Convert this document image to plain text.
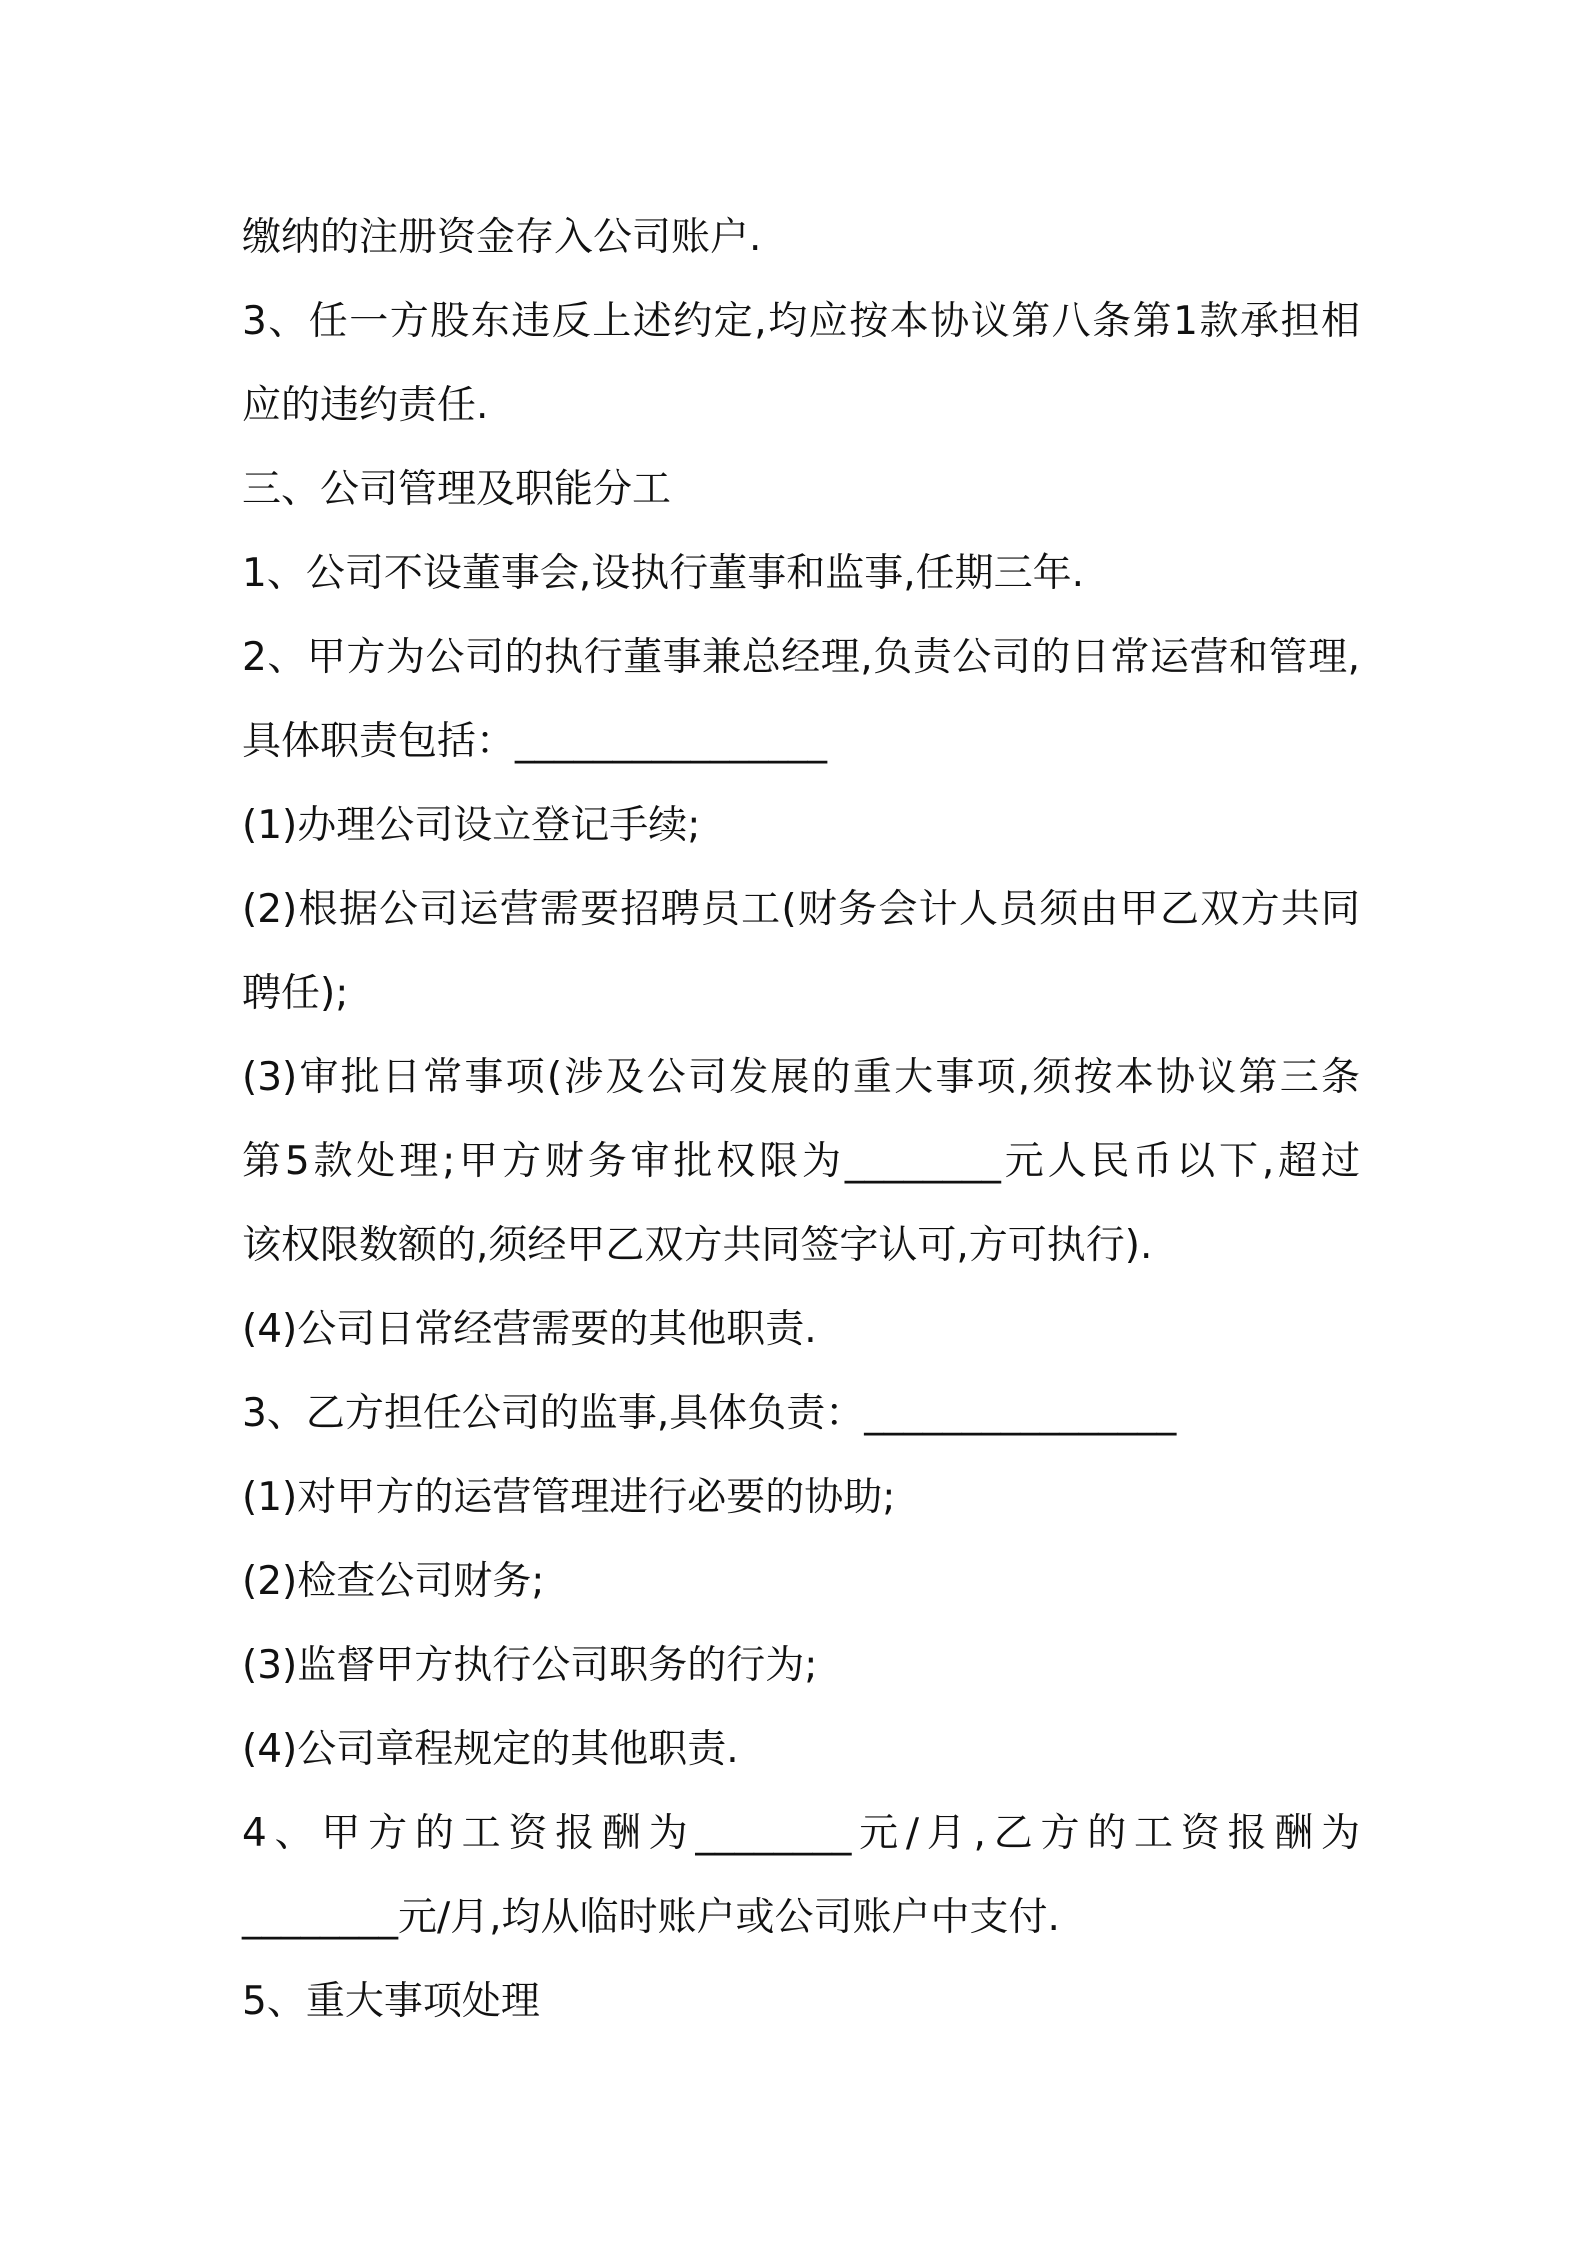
缴纳的注册资金存入公司账户.

3、任一方股东违反上述约定,均应按本协议第八条第1款承担相

应的违约责任.

三、公司管理及职能分工

1、公司不设董事会,设执行董事和监事,任期三年.

2、甲方为公司的执行董事兼总经理,负责公司的日常运营和管理,

具体职责包括：________________

(1)办理公司设立登记手续;

(2)根据公司运营需要招聘员工(财务会计人员须由甲乙双方共同

聘任);

(3)审批日常事项(涉及公司发展的重大事项,须按本协议第三条

第5款处理;甲方财务审批权限为________元人民币以下,超过

该权限数额的,须经甲乙双方共同签字认可,方可执行).

(4)公司日常经营需要的其他职责.

3、乙方担任公司的监事,具体负责：________________

(1)对甲方的运营管理进行必要的协助;

(2)检查公司财务;

(3)监督甲方执行公司职务的行为;

(4)公司章程规定的其他职责.

4、甲方的工资报酬为________元/月,乙方的工资报酬为

________元/月,均从临时账户或公司账户中支付.

5、重大事项处理
